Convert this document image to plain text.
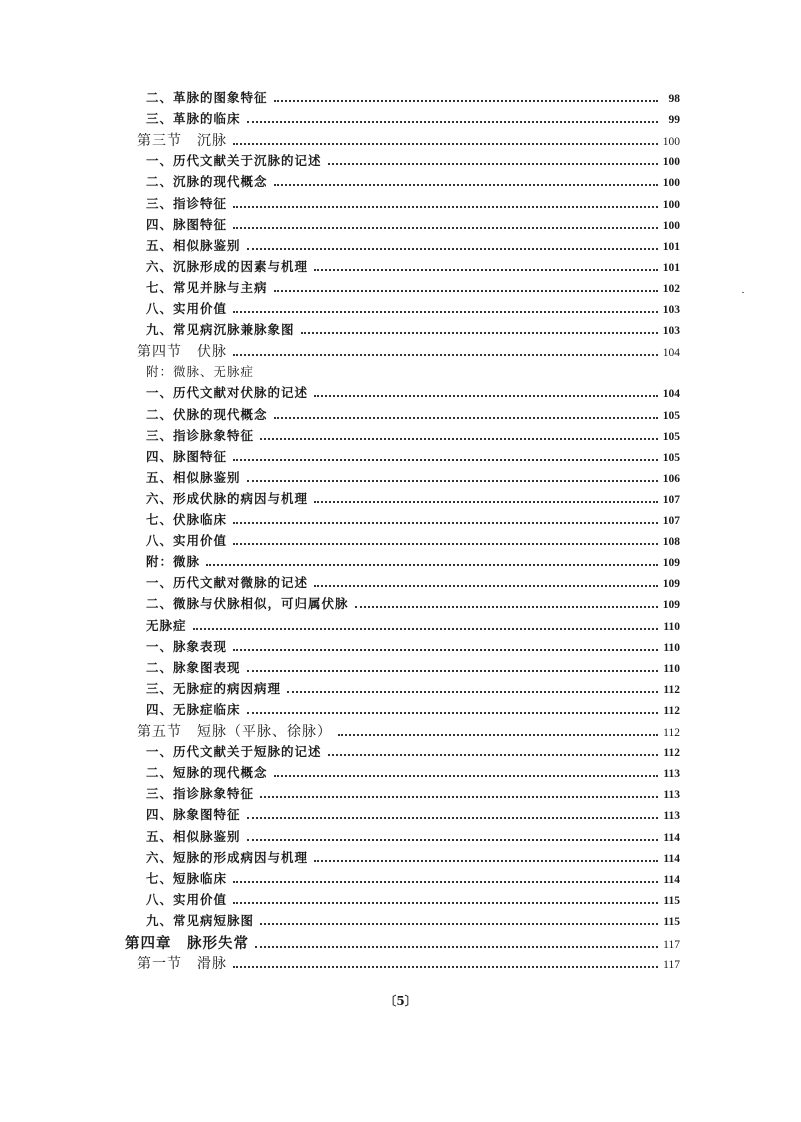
二、革脉的图象特征	98
三、革脉的临床	99
第三节　沉脉	100
一、历代文献关于沉脉的记述	100
二、沉脉的现代概念	100
三、指诊特征	100
四、脉图特征	100
五、相似脉鉴别	101
六、沉脉形成的因素与机理	101
七、常见并脉与主病	102
八、实用价值	103
九、常见病沉脉兼脉象图	103
第四节　伏脉	104
附：微脉、无脉症
一、历代文献对伏脉的记述	104
二、伏脉的现代概念	105
三、指诊脉象特征	105
四、脉图特征	105
五、相似脉鉴别	106
六、形成伏脉的病因与机理	107
七、伏脉临床	107
八、实用价值	108
附：微脉	109
一、历代文献对微脉的记述	109
二、微脉与伏脉相似，可归属伏脉	109
无脉症	110
一、脉象表现	110
二、脉象图表现	110
三、无脉症的病因病理	112
四、无脉症临床	112
第五节　短脉（平脉、徐脉）	112
一、历代文献关于短脉的记述	112
二、短脉的现代概念	113
三、指诊脉象特征	113
四、脉象图特征	113
五、相似脉鉴别	114
六、短脉的形成病因与机理	114
七、短脉临床	114
八、实用价值	115
九、常见病短脉图	115
第四章　脉形失常	117
第一节　滑脉	117
〔5〕
